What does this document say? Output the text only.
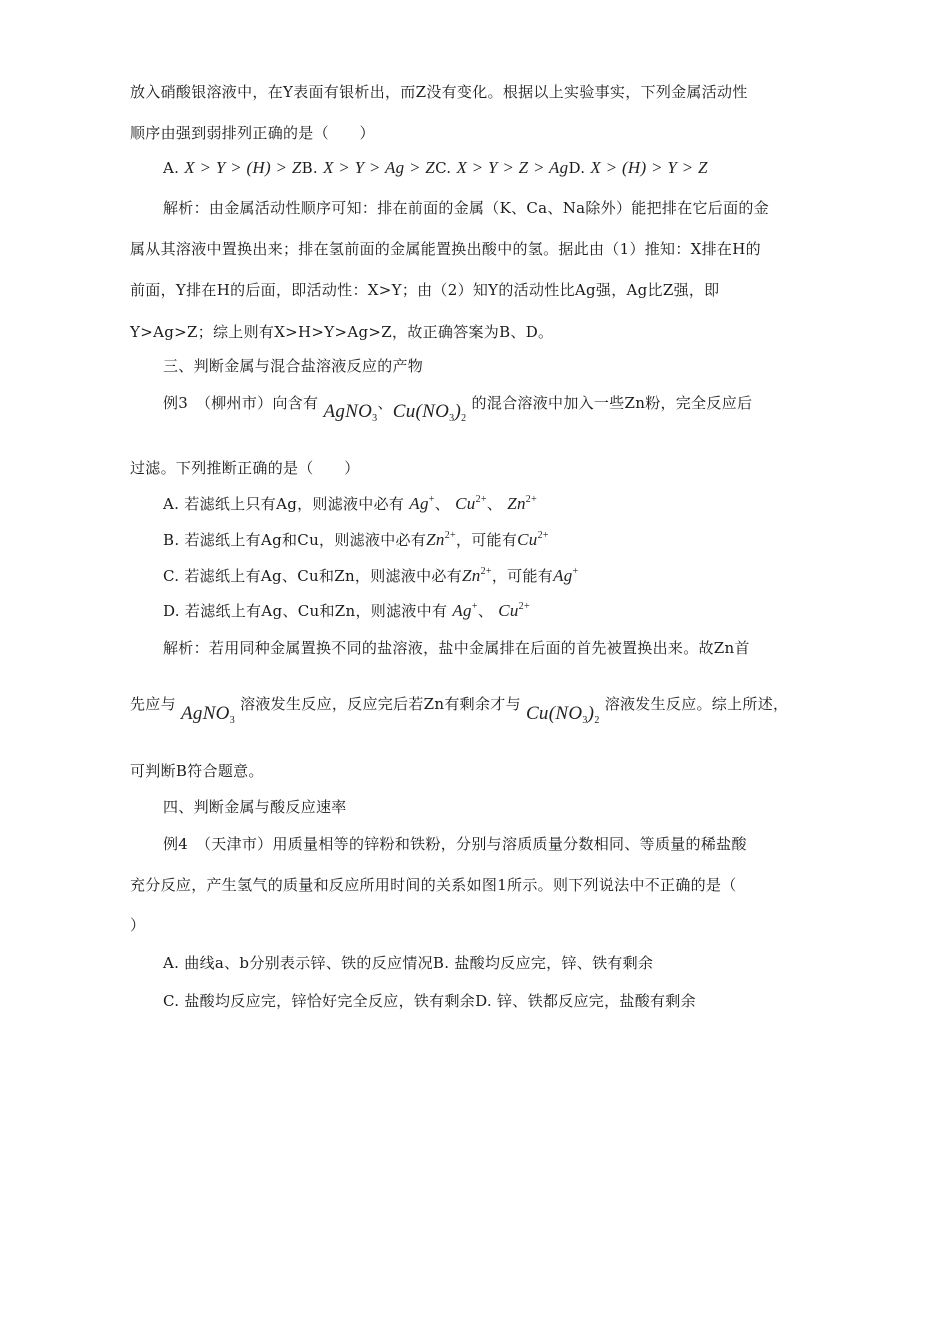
放入硝酸银溶液中，在Y表面有银析出，而Z没有变化。根据以上实验事实，下列金属活动性
顺序由强到弱排列正确的是（　　）
A. X > Y > (H) > ZB. X > Y > Ag > ZC. X > Y > Z > AgD. X > (H) > Y > Z
解析：由金属活动性顺序可知：排在前面的金属（K、Ca、Na除外）能把排在它后面的金
属从其溶液中置换出来；排在氢前面的金属能置换出酸中的氢。据此由（1）推知：X排在H的
前面，Y排在H的后面，即活动性：X>Y；由（2）知Y的活动性比Ag强，Ag比Z强，即
Y>Ag>Z；综上则有X>H>Y>Ag>Z，故正确答案为B、D。
三、判断金属与混合盐溶液反应的产物
例3　（柳州市）向含有 AgNO$_3$、$Cu(NO_3)_2$ 的混合溶液中加入一些Zn粉，完全反应后
过滤。下列推断正确的是（　　）
A. 若滤纸上只有Ag，则滤液中必有 Ag+、 $Cu^{2+}$、 $Zn^{2+}$
B. 若滤纸上有Ag和Cu，则滤液中必有$Zn^{2+}$，可能有$Cu^{2+}$
C. 若滤纸上有Ag、Cu和Zn，则滤液中必有$Zn^{2+}$，可能有Ag+
D. 若滤纸上有Ag、Cu和Zn，则滤液中有 Ag+、 $Cu^{2+}$
解析：若用同种金属置换不同的盐溶液，盐中金属排在后面的首先被置换出来。故Zn首
先应与 AgNO$_3$ 溶液发生反应，反应完后若Zn有剩余才与 $Cu(NO_3)_2$ 溶液发生反应。综上所述，
可判断B符合题意。
四、判断金属与酸反应速率
例4　（天津市）用质量相等的锌粉和铁粉，分别与溶质质量分数相同、等质量的稀盐酸
充分反应，产生氢气的质量和反应所用时间的关系如图1所示。则下列说法中不正确的是（
）
A. 曲线a、b分别表示锌、铁的反应情况B. 盐酸均反应完，锌、铁有剩余
C. 盐酸均反应完，锌恰好完全反应，铁有剩余D. 锌、铁都反应完，盐酸有剩余
